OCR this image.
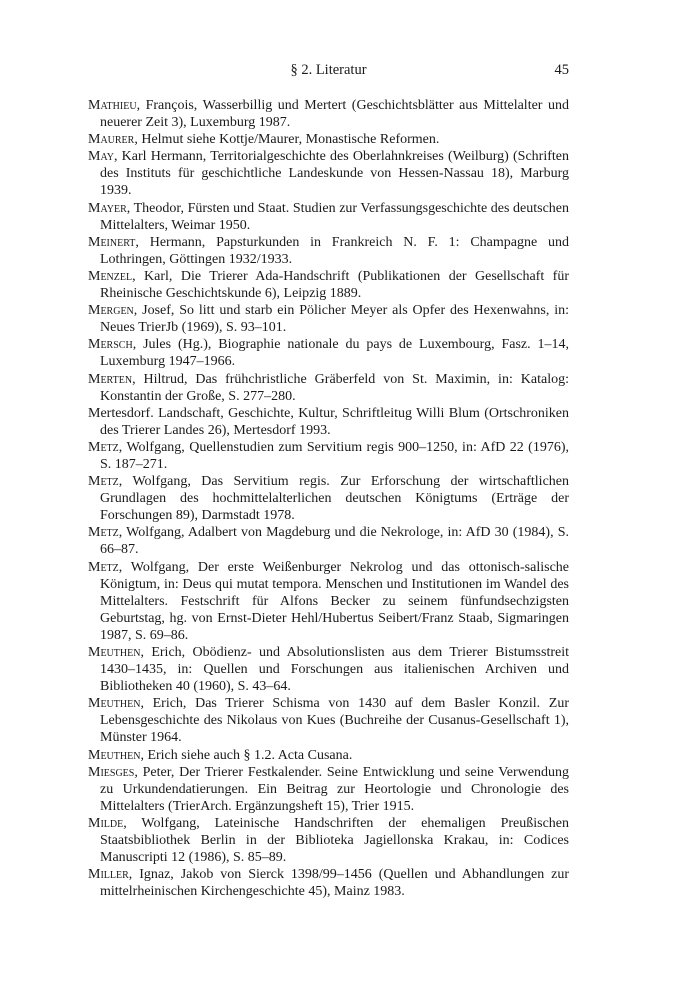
§ 2. Literatur	45
Mathieu, François, Wasserbillig und Mertert (Geschichtsblätter aus Mittelalter und neuerer Zeit 3), Luxemburg 1987.
Maurer, Helmut siehe Kottje/Maurer, Monastische Reformen.
May, Karl Hermann, Territorialgeschichte des Oberlahnkreises (Weilburg) (Schriften des Instituts für geschichtliche Landeskunde von Hessen-Nassau 18), Marburg 1939.
Mayer, Theodor, Fürsten und Staat. Studien zur Verfassungsgeschichte des deutschen Mittelalters, Weimar 1950.
Meinert, Hermann, Papsturkunden in Frankreich N. F. 1: Champagne und Lothringen, Göttingen 1932/1933.
Menzel, Karl, Die Trierer Ada-Handschrift (Publikationen der Gesellschaft für Rheinische Geschichtskunde 6), Leipzig 1889.
Mergen, Josef, So litt und starb ein Pölicher Meyer als Opfer des Hexenwahns, in: Neues TrierJb (1969), S. 93–101.
Mersch, Jules (Hg.), Biographie nationale du pays de Luxembourg, Fasz. 1–14, Luxemburg 1947–1966.
Merten, Hiltrud, Das frühchristliche Gräberfeld von St. Maximin, in: Katalog: Konstantin der Große, S. 277–280.
Mertesdorf. Landschaft, Geschichte, Kultur, Schriftleitug Willi Blum (Ortschroniken des Trierer Landes 26), Mertesdorf 1993.
Metz, Wolfgang, Quellenstudien zum Servitium regis 900–1250, in: AfD 22 (1976), S. 187–271.
Metz, Wolfgang, Das Servitium regis. Zur Erforschung der wirtschaftlichen Grundlagen des hochmittelalterlichen deutschen Königtums (Erträge der Forschungen 89), Darmstadt 1978.
Metz, Wolfgang, Adalbert von Magdeburg und die Nekrologe, in: AfD 30 (1984), S. 66–87.
Metz, Wolfgang, Der erste Weißenburger Nekrolog und das ottonisch-salische Königtum, in: Deus qui mutat tempora. Menschen und Institutionen im Wandel des Mittelalters. Festschrift für Alfons Becker zu seinem fünfundsechzigsten Geburtstag, hg. von Ernst-Dieter Hehl/Hubertus Seibert/Franz Staab, Sigmaringen 1987, S. 69–86.
Meuthen, Erich, Obödienz- und Absolutionslisten aus dem Trierer Bistumsstreit 1430–1435, in: Quellen und Forschungen aus italienischen Archiven und Bibliotheken 40 (1960), S. 43–64.
Meuthen, Erich, Das Trierer Schisma von 1430 auf dem Basler Konzil. Zur Lebensgeschichte des Nikolaus von Kues (Buchreihe der Cusanus-Gesellschaft 1), Münster 1964.
Meuthen, Erich siehe auch § 1.2. Acta Cusana.
Miesges, Peter, Der Trierer Festkalender. Seine Entwicklung und seine Verwendung zu Urkundendatierungen. Ein Beitrag zur Heortologie und Chronologie des Mittelalters (TrierArch. Ergänzungsheft 15), Trier 1915.
Milde, Wolfgang, Lateinische Handschriften der ehemaligen Preußischen Staatsbibliothek Berlin in der Biblioteka Jagiellonska Krakau, in: Codices Manuscripti 12 (1986), S. 85–89.
Miller, Ignaz, Jakob von Sierck 1398/99–1456 (Quellen und Abhandlungen zur mittelrheinischen Kirchengeschichte 45), Mainz 1983.
